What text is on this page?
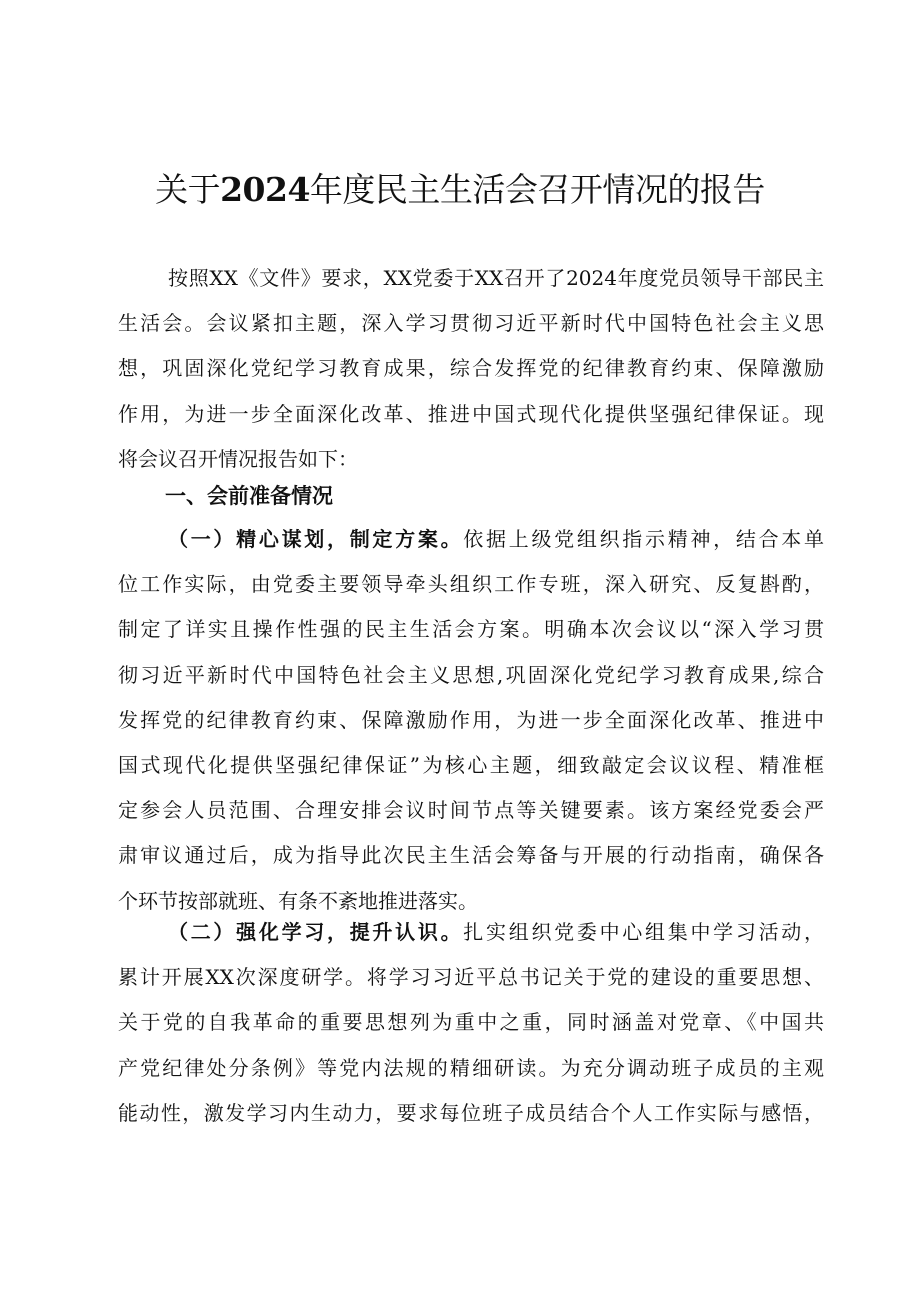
关于2024年度民主生活会召开情况的报告
按照XX《文件》要求，XX党委于XX召开了2024年度党员领导干部民主
生活会。会议紧扣主题，深入学习贯彻习近平新时代中国特色社会主义思
想，巩固深化党纪学习教育成果，综合发挥党的纪律教育约束、保障激励
作用，为进一步全面深化改革、推进中国式现代化提供坚强纪律保证。现
将会议召开情况报告如下：
一、会前准备情况
（一）精心谋划，制定方案。依据上级党组织指示精神，结合本单
位工作实际，由党委主要领导牵头组织工作专班，深入研究、反复斟酌，
制定了详实且操作性强的民主生活会方案。明确本次会议以“深入学习贯
彻习近平新时代中国特色社会主义思想,巩固深化党纪学习教育成果,综合
发挥党的纪律教育约束、保障激励作用，为进一步全面深化改革、推进中
国式现代化提供坚强纪律保证”为核心主题，细致敲定会议议程、精准框
定参会人员范围、合理安排会议时间节点等关键要素。该方案经党委会严
肃审议通过后，成为指导此次民主生活会筹备与开展的行动指南，确保各
个环节按部就班、有条不紊地推进落实。
（二）强化学习，提升认识。扎实组织党委中心组集中学习活动，
累计开展XX次深度研学。将学习习近平总书记关于党的建设的重要思想、
关于党的自我革命的重要思想列为重中之重，同时涵盖对党章、《中国共
产党纪律处分条例》等党内法规的精细研读。为充分调动班子成员的主观
能动性，激发学习内生动力，要求每位班子成员结合个人工作实际与感悟，
